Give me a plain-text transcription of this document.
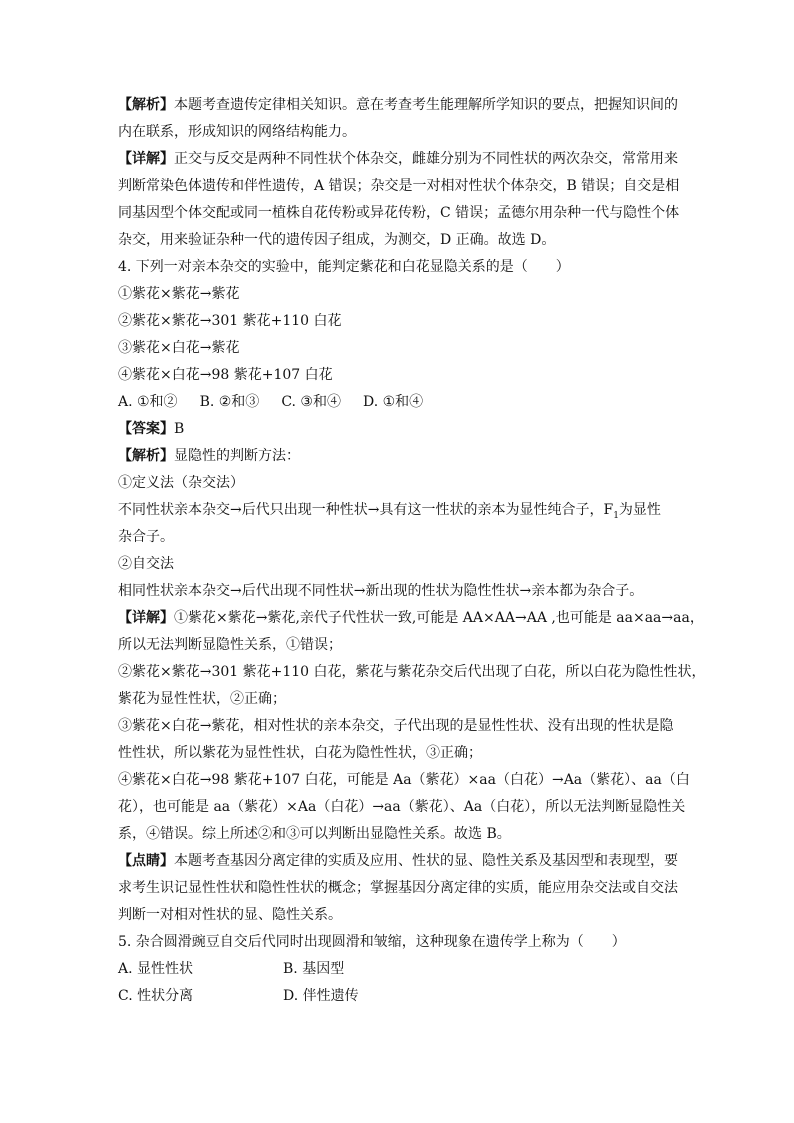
【解析】本题考查遗传定律相关知识。意在考查考生能理解所学知识的要点，把握知识间的
内在联系，形成知识的网络结构能力。

【详解】正交与反交是两种不同性状个体杂交，雌雄分别为不同性状的两次杂交，常常用来
判断常染色体遗传和伴性遗传，A 错误；杂交是一对相对性状个体杂交，B 错误；自交是相
同基因型个体交配或同一植株自花传粉或异花传粉，C 错误；孟德尔用杂种一代与隐性个体
杂交，用来验证杂种一代的遗传因子组成，为测交，D 正确。故选 D。

4. 下列一对亲本杂交的实验中，能判定紫花和白花显隐关系的是（　　）
①紫花×紫花→紫花
②紫花×紫花→301 紫花+110 白花
③紫花×白花→紫花
④紫花×白花→98 紫花+107 白花
A. ①和② B. ②和③ C. ③和④ D. ①和④
【答案】B
【解析】显隐性的判断方法：
①定义法（杂交法）
不同性状亲本杂交→后代只出现一种性状→具有这一性状的亲本为显性纯合子，$F_1$为显性
杂合子。
②自交法
相同性状亲本杂交→后代出现不同性状→新出现的性状为隐性性状→亲本都为杂合子。
【详解】①紫花×紫花→紫花,亲代子代性状一致,可能是 AA×AA→AA ,也可能是 aa×aa→aa，
所以无法判断显隐性关系，①错误；
②紫花×紫花→301 紫花+110 白花，紫花与紫花杂交后代出现了白花，所以白花为隐性性状，
紫花为显性性状，②正确；
③紫花×白花→紫花，相对性状的亲本杂交，子代出现的是显性性状、没有出现的性状是隐
性性状，所以紫花为显性性状，白花为隐性性状，③正确；
④紫花×白花→98 紫花+107 白花，可能是 Aa（紫花）×aa（白花）→Aa（紫花）、aa（白
花），也可能是 aa（紫花）×Aa（白花）→aa（紫花）、Aa（白花），所以无法判断显隐性关
系，④错误。综上所述②和③可以判断出显隐性关系。故选 B。
【点睛】本题考查基因分离定律的实质及应用、性状的显、隐性关系及基因型和表现型，要
求考生识记显性性状和隐性性状的概念；掌握基因分离定律的实质，能应用杂交法或自交法
判断一对相对性状的显、隐性关系。
5. 杂合圆滑豌豆自交后代同时出现圆滑和皱缩，这种现象在遗传学上称为（　　）
A. 显性性状	B. 基因型
C. 性状分离	D. 伴性遗传
